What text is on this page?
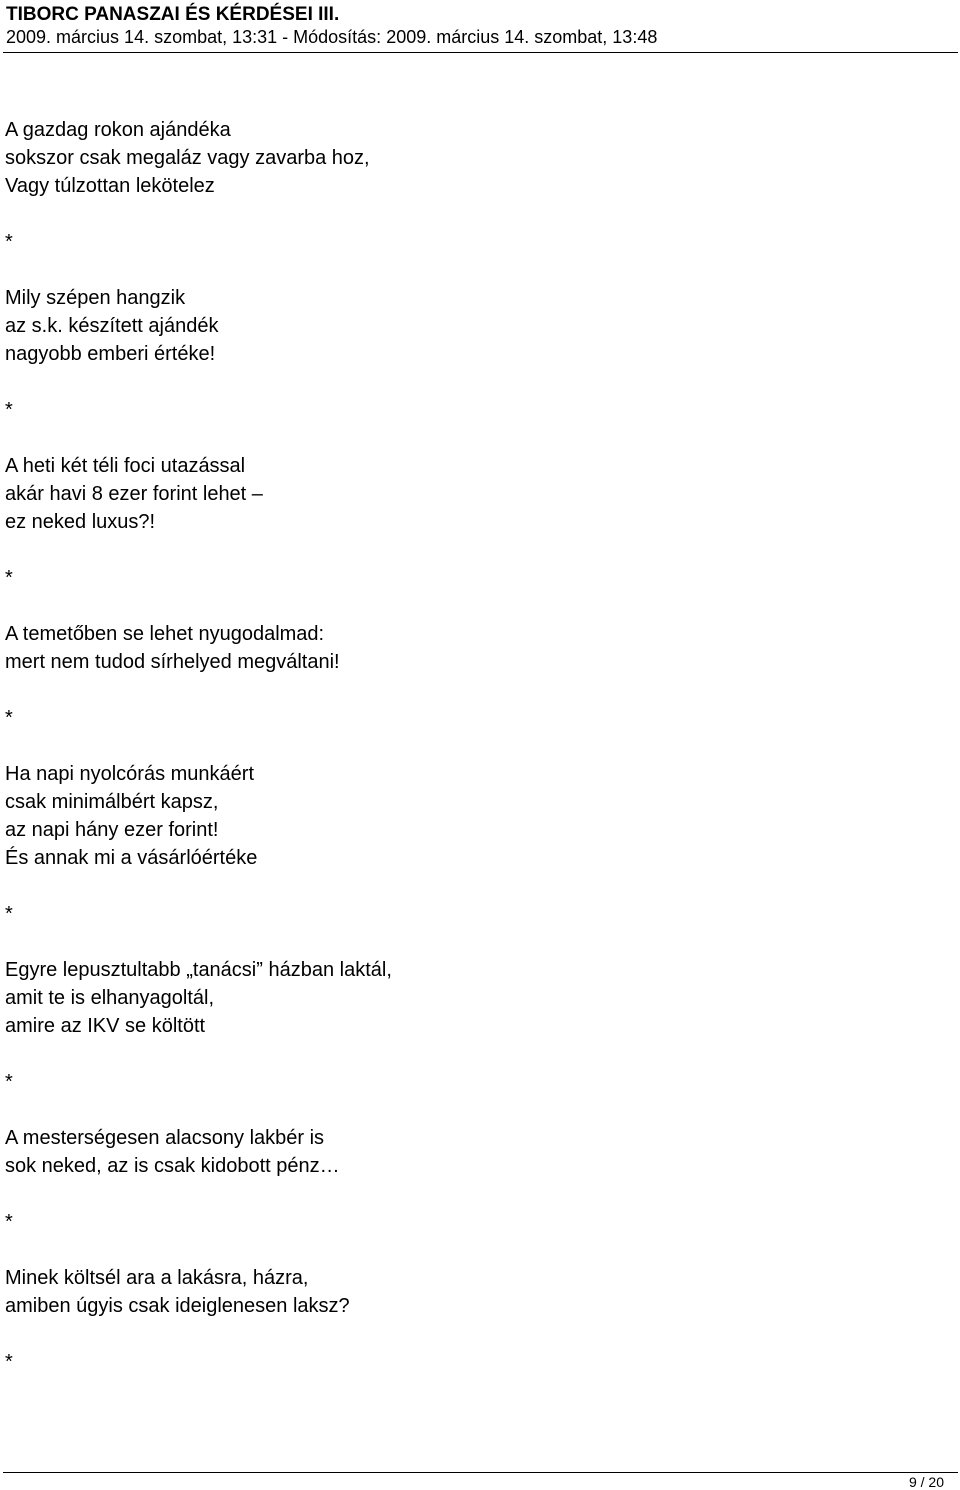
TIBORC PANASZAI ÉS KÉRDÉSEI III.

2009. március 14. szombat, 13:31 - Módosítás: 2009. március 14. szombat, 13:48

A gazdag rokon ajándéka
sokszor csak megaláz vagy zavarba hoz,
Vagy túlzottan lekötelez
*
Mily szépen hangzik
az s.k. készített ajándék
nagyobb emberi értéke!
*
A heti két téli foci utazással
akár havi 8 ezer forint lehet –
ez neked luxus?!
*
A temetőben se lehet nyugodalmad:
mert nem tudod sírhelyed megváltani!
*
Ha napi nyolcórás munkáért
csak minimálbért kapsz,
az napi hány ezer forint!
És annak mi a vásárlóértéke
*
Egyre lepusztultabb „tanácsi” házban laktál,
amit te is elhanyagoltál,
amire az IKV se költött
*
A mesterségesen alacsony lakbér is
sok neked, az is csak kidobott pénz…
*
Minek költsél ara a lakásra, házra,
amiben úgyis csak ideiglenesen laksz?
*
9 / 20
